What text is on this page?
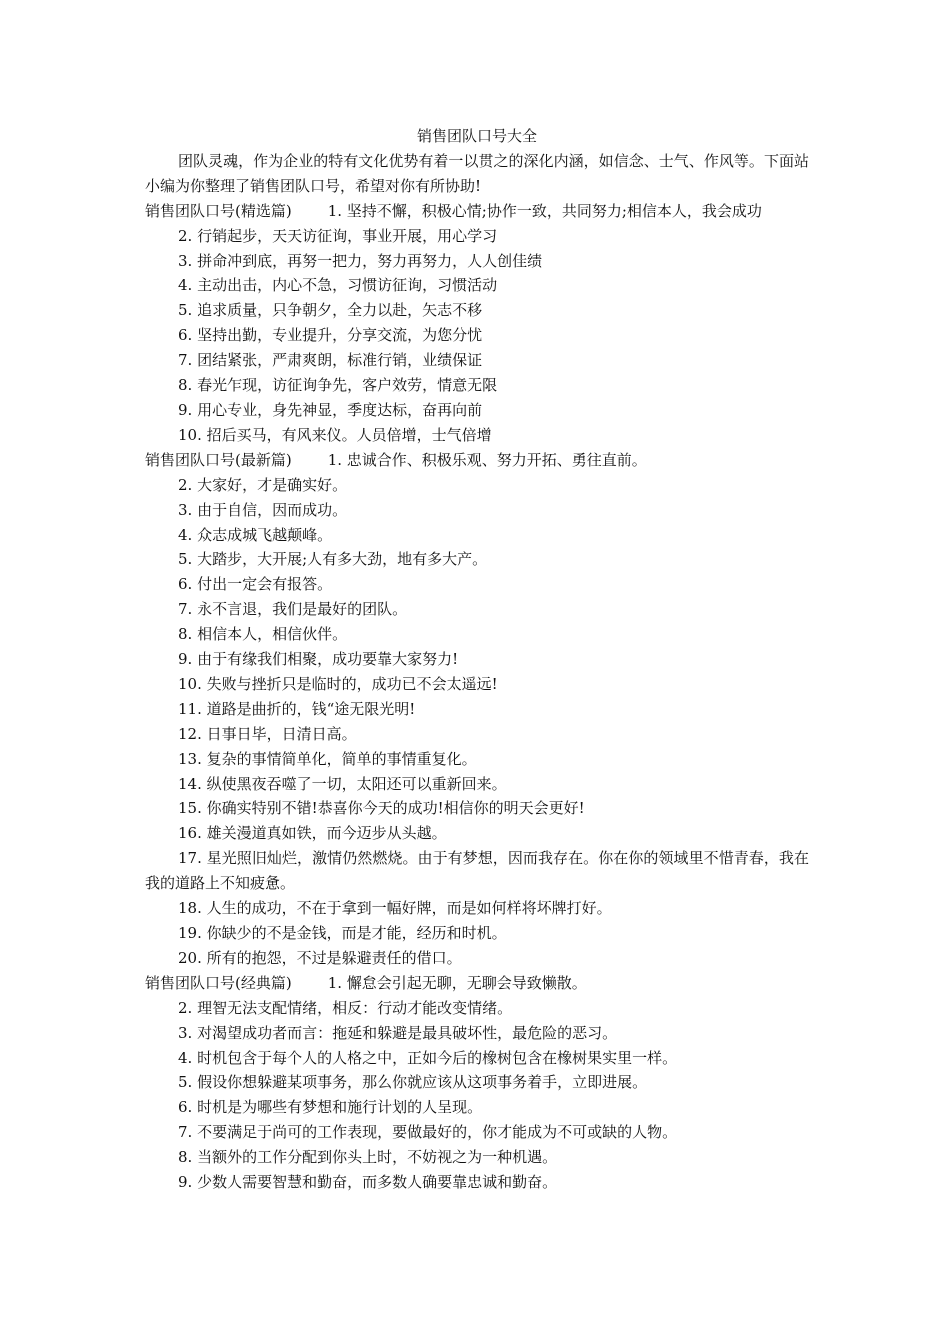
销售团队口号大全

团队灵魂，作为企业的特有文化优势有着一以贯之的深化内涵，如信念、士气、作风等。下面站小编为你整理了销售团队口号，希望对你有所协助!

销售团队口号(精选篇) 1. 坚持不懈，积极心情;协作一致，共同努力;相信本人，我会成功

2. 行销起步，天天访征询，事业开展，用心学习

3. 拼命冲到底，再努一把力，努力再努力，人人创佳绩

4. 主动出击，内心不急，习惯访征询，习惯活动

5. 追求质量，只争朝夕，全力以赴，矢志不移

6. 坚持出勤，专业提升，分享交流，为您分忧

7. 团结紧张，严肃爽朗，标准行销，业绩保证

8. 春光乍现，访征询争先，客户效劳，情意无限

9. 用心专业，身先神显，季度达标，奋再向前

10. 招后买马，有风来仪。人员倍增，士气倍增

销售团队口号(最新篇) 1. 忠诚合作、积极乐观、努力开拓、勇往直前。

2. 大家好，才是确实好。

3. 由于自信，因而成功。

4. 众志成城飞越颠峰。

5. 大踏步，大开展;人有多大劲，地有多大产。

6. 付出一定会有报答。

7. 永不言退，我们是最好的团队。

8. 相信本人，相信伙伴。

9. 由于有缘我们相聚，成功要靠大家努力!

10. 失败与挫折只是临时的，成功已不会太遥远!

11. 道路是曲折的，钱“途无限光明!

12. 日事日毕，日清日高。

13. 复杂的事情简单化，简单的事情重复化。

14. 纵使黑夜吞噬了一切，太阳还可以重新回来。

15. 你确实特别不错!恭喜你今天的成功!相信你的明天会更好!

16. 雄关漫道真如铁，而今迈步从头越。

17. 星光照旧灿烂，激情仍然燃烧。由于有梦想，因而我存在。你在你的领域里不惜青春，我在我的道路上不知疲惫。

18. 人生的成功，不在于拿到一幅好牌，而是如何样将坏牌打好。

19. 你缺少的不是金钱，而是才能，经历和时机。

20. 所有的抱怨，不过是躲避责任的借口。

销售团队口号(经典篇) 1. 懈怠会引起无聊，无聊会导致懒散。

2. 理智无法支配情绪，相反：行动才能改变情绪。

3. 对渴望成功者而言：拖延和躲避是最具破坏性，最危险的恶习。

4. 时机包含于每个人的人格之中，正如今后的橡树包含在橡树果实里一样。

5. 假设你想躲避某项事务，那么你就应该从这项事务着手，立即进展。

6. 时机是为哪些有梦想和施行计划的人呈现。

7. 不要满足于尚可的工作表现，要做最好的，你才能成为不可或缺的人物。

8. 当额外的工作分配到你头上时，不妨视之为一种机遇。

9. 少数人需要智慧和勤奋，而多数人确要靠忠诚和勤奋。
